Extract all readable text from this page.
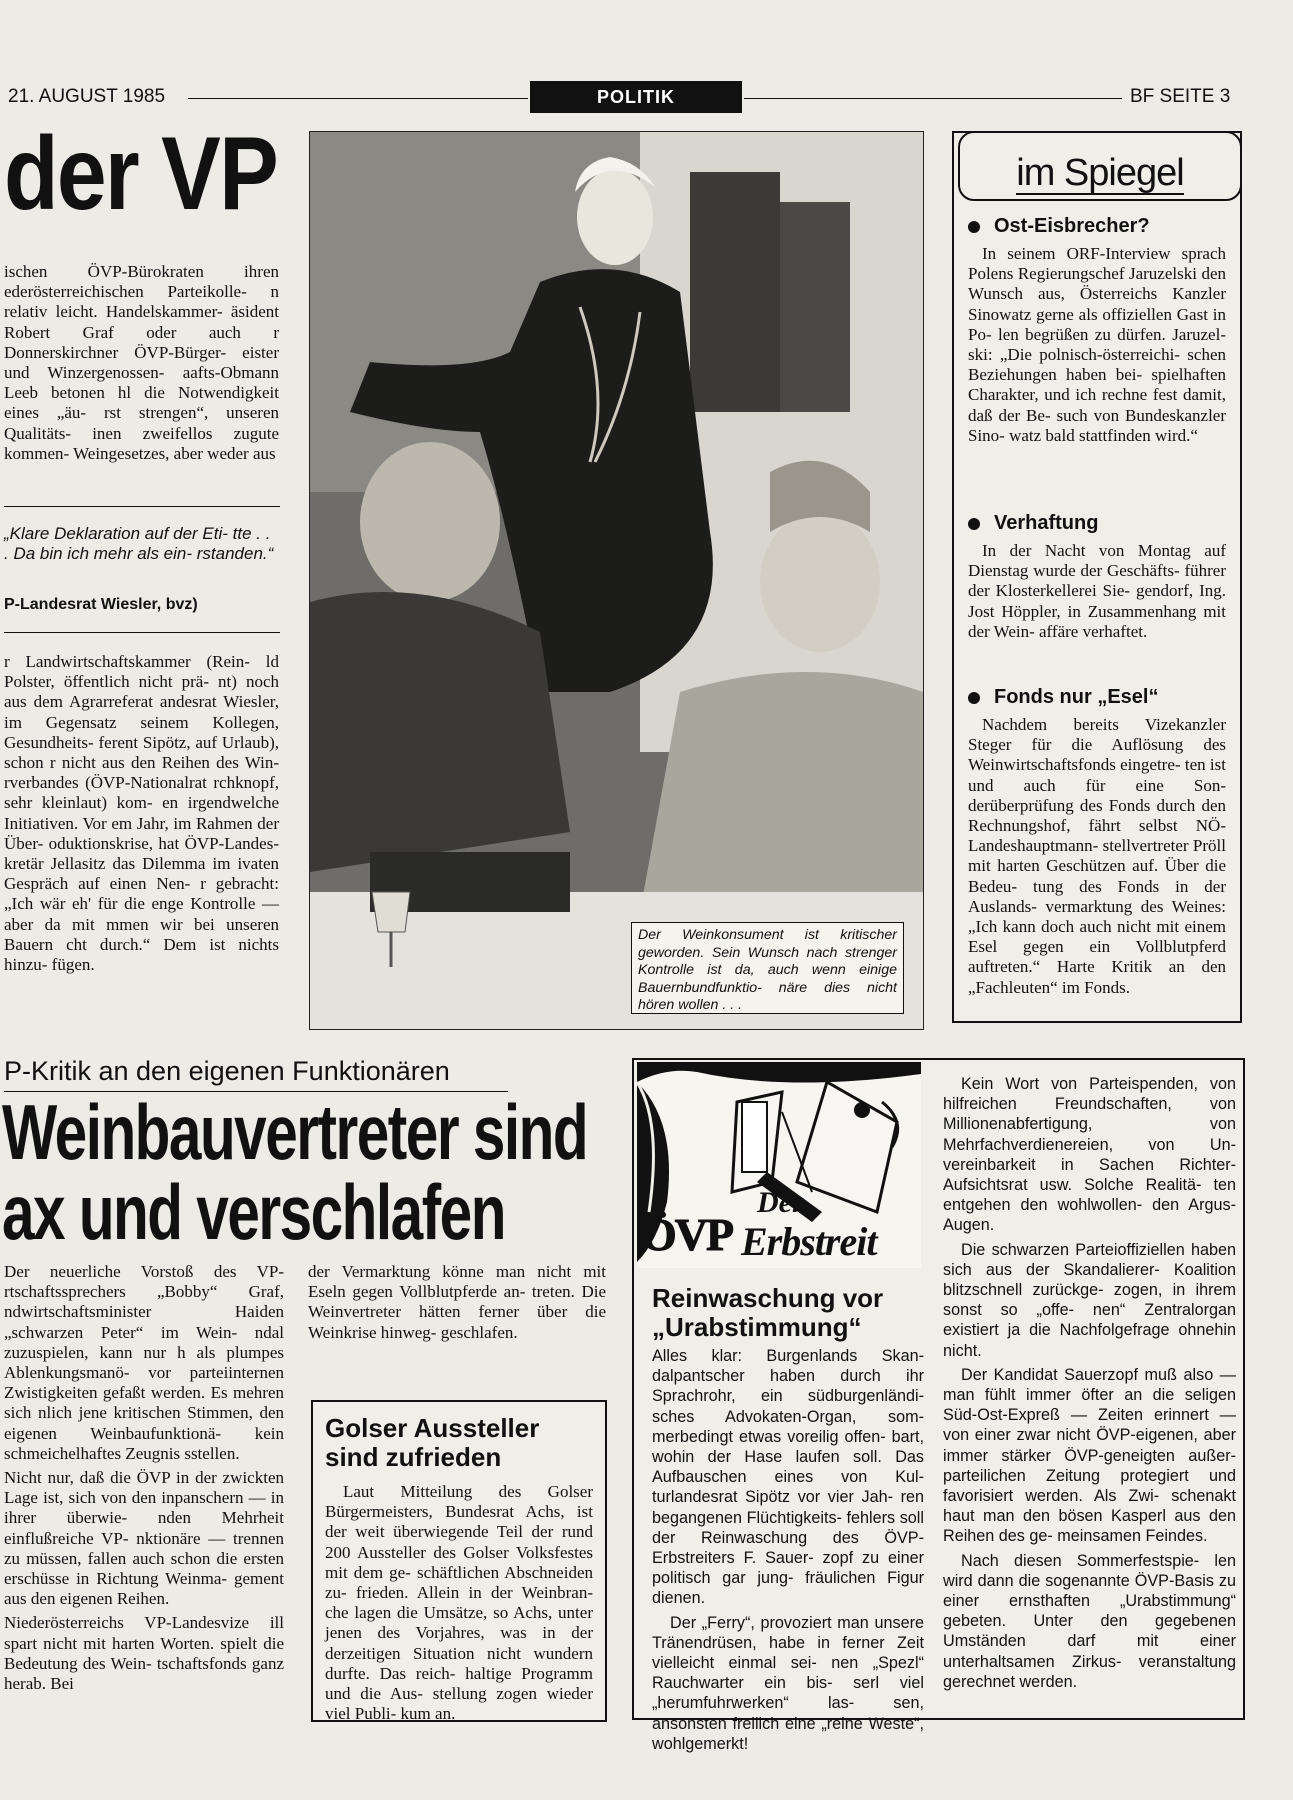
21. AUGUST 1985	POLITIK	BF SEITE 3
der VP

ischen ÖVP-Bürokraten ihren ederösterreichischen Parteikolle- n relativ leicht. Handelskammer- äsident Robert Graf oder auch r Donnerskirchner ÖVP-Bürger- eister und Winzergenossen- aafts-Obmann Leeb betonen hl die Notwendigkeit eines „äu- rst strengen“, unseren Qualitäts- inen zweifellos zugute kommen- Weingesetzes, aber weder aus

„Klare Deklaration auf der Eti- tte . . . Da bin ich mehr als ein- rstanden.“
P-Landesrat Wiesler, bvz)

r Landwirtschaftskammer (Rein- ld Polster, öffentlich nicht prä- nt) noch aus dem Agrarreferat andesrat Wiesler, im Gegensatz seinem Kollegen, Gesundheits- ferent Sipötz, auf Urlaub), schon r nicht aus den Reihen des Win- rverbandes (ÖVP-Nationalrat rchknopf, sehr kleinlaut) kom- en irgendwelche Initiativen. Vor em Jahr, im Rahmen der Über- oduktionskrise, hat ÖVP-Landes- kretär Jellasitz das Dilemma im ivaten Gespräch auf einen Nen- r gebracht: „Ich wär eh' für die enge Kontrolle — aber da mit mmen wir bei unseren Bauern cht durch.“ Dem ist nichts hinzu- fügen.

Der Weinkonsument ist kritischer geworden. Sein Wunsch nach strenger Kontrolle ist da, auch wenn einige Bauernbundfunktio- näre dies nicht hören wollen . . .
im Spiegel
Ost-Eisbrecher?
In seinem ORF-Interview sprach Polens Regierungschef Jaruzelski den Wunsch aus, Österreichs Kanzler Sinowatz gerne als offiziellen Gast in Po- len begrüßen zu dürfen. Jaruzel- ski: „Die polnisch-österreichi- schen Beziehungen haben bei- spielhaften Charakter, und ich rechne fest damit, daß der Be- such von Bundeskanzler Sino- watz bald stattfinden wird.“
Verhaftung
In der Nacht von Montag auf Dienstag wurde der Geschäfts- führer der Klosterkellerei Sie- gendorf, Ing. Jost Höppler, in Zusammenhang mit der Wein- affäre verhaftet.
Fonds nur „Esel“
Nachdem bereits Vizekanzler Steger für die Auflösung des Weinwirtschaftsfonds eingetre- ten ist und auch für eine Son- derüberprüfung des Fonds durch den Rechnungshof, fährt selbst NÖ-Landeshauptmann- stellvertreter Pröll mit harten Geschützen auf. Über die Bedeu- tung des Fonds in der Auslands- vermarktung des Weines: „Ich kann doch auch nicht mit einem Esel gegen ein Vollblutpferd auftreten.“ Harte Kritik an den „Fachleuten“ im Fonds.
P-Kritik an den eigenen Funktionären
Weinbauvertreter sind
ax und verschlafen

Der neuerliche Vorstoß des VP- rtschaftssprechers „Bobby“ Graf, ndwirtschaftsminister Haiden „schwarzen Peter“ im Wein- ndal zuzuspielen, kann nur h als plumpes Ablenkungsmanö- vor parteiinternen Zwistigkeiten gefaßt werden. Es mehren sich nlich jene kritischen Stimmen, den eigenen Weinbaufunktionä- kein schmeichelhaftes Zeugnis sstellen.

Nicht nur, daß die ÖVP in der zwickten Lage ist, sich von den inpanschern — in ihrer überwie- nden Mehrheit einflußreiche VP- nktionäre — trennen zu müssen, fallen auch schon die ersten erschüsse in Richtung Weinma- gement aus den eigenen Reihen.

Niederösterreichs VP-Landesvize ill spart nicht mit harten Worten. spielt die Bedeutung des Wein- tschaftsfonds ganz herab. Bei

der Vermarktung könne man nicht mit Eseln gegen Vollblutpferde an- treten. Die Weinvertreter hätten ferner über die Weinkrise hinweg- geschlafen.

Golser Aussteller sind zufrieden
Laut Mitteilung des Golser Bürgermeisters, Bundesrat Achs, ist der weit überwiegende Teil der rund 200 Aussteller des Golser Volksfestes mit dem ge- schäftlichen Abschneiden zu- frieden. Allein in der Weinbran- che lagen die Umsätze, so Achs, unter jenen des Vorjahres, was in der derzeitigen Situation nicht wundern durfte. Das reich- haltige Programm und die Aus- stellung zogen wieder viel Publi- kum an.
ÖVP
Der
Erbstreit
Reinwaschung vor „Urabstimmung“

Alles klar: Burgenlands Skan- dalpantscher haben durch ihr Sprachrohr, ein südburgenländi- sches Advokaten-Organ, som- merbedingt etwas voreilig offen- bart, wohin der Hase laufen soll. Das Aufbauschen eines von Kul- turlandesrat Sipötz vor vier Jah- ren begangenen Flüchtigkeits- fehlers soll der Reinwaschung des ÖVP-Erbstreiters F. Sauer- zopf zu einer politisch gar jung- fräulichen Figur dienen.

Der „Ferry“, provoziert man unsere Tränendrüsen, habe in ferner Zeit vielleicht einmal sei- nen „Spezl“ Rauchwarter ein bis- serl viel „herumfuhrwerken“ las- sen, ansonsten freilich eine „reine Weste“, wohlgemerkt!

Kein Wort von Parteispenden, von hilfreichen Freundschaften, von Millionenabfertigung, von Mehrfachverdienereien, von Un- vereinbarkeit in Sachen Richter- Aufsichtsrat usw. Solche Realitä- ten entgehen den wohlwollen- den Argus-Augen.

Die schwarzen Parteioffiziellen haben sich aus der Skandalierer- Koalition blitzschnell zurückge- zogen, in ihrem sonst so „offe- nen“ Zentralorgan existiert ja die Nachfolgefrage ohnehin nicht.

Der Kandidat Sauerzopf muß also — man fühlt immer öfter an die seligen Süd-Ost-Expreß — Zeiten erinnert — von einer zwar nicht ÖVP-eigenen, aber immer stärker ÖVP-geneigten außer- parteilichen Zeitung protegiert und favorisiert werden. Als Zwi- schenakt haut man den bösen Kasperl aus den Reihen des ge- meinsamen Feindes.

Nach diesen Sommerfestspie- len wird dann die sogenannte ÖVP-Basis zu einer ernsthaften „Urabstimmung“ gebeten. Unter den gegebenen Umständen darf mit einer unterhaltsamen Zirkus- veranstaltung gerechnet werden.
